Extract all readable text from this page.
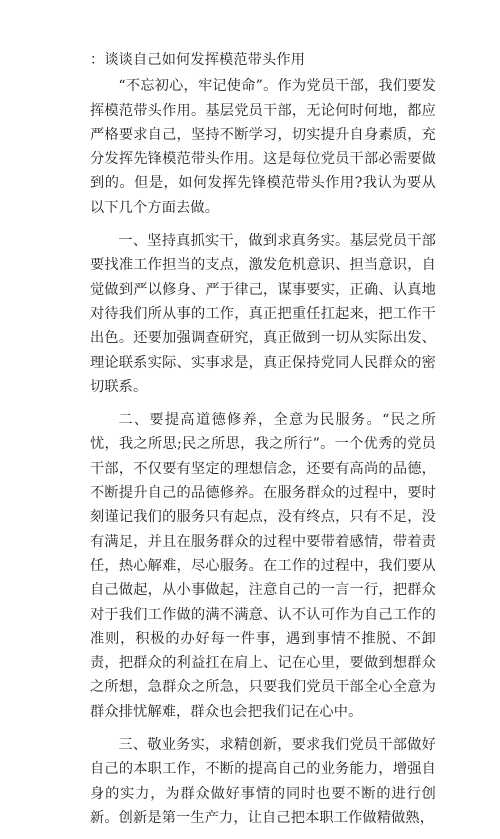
：谈谈自己如何发挥模范带头作用

“不忘初心，牢记使命”。作为党员干部，我们要发挥模范带头作用。基层党员干部，无论何时何地，都应严格要求自己，坚持不断学习，切实提升自身素质，充分发挥先锋模范带头作用。这是每位党员干部必需要做到的。但是，如何发挥先锋模范带头作用?我认为要从以下几个方面去做。

一、坚持真抓实干，做到求真务实。基层党员干部要找准工作担当的支点，激发危机意识、担当意识，自觉做到严以修身、严于律己，谋事要实，正确、认真地对待我们所从事的工作，真正把重任扛起来，把工作干出色。还要加强调查研究，真正做到一切从实际出发、理论联系实际、实事求是，真正保持党同人民群众的密切联系。

二、要提高道德修养，全意为民服务。“民之所忧，我之所思;民之所思，我之所行”。一个优秀的党员干部，不仅要有坚定的理想信念，还要有高尚的品德，不断提升自己的品德修养。在服务群众的过程中，要时刻谨记我们的服务只有起点，没有终点，只有不足，没有满足，并且在服务群众的过程中要带着感情，带着责任，热心解难，尽心服务。在工作的过程中，我们要从自己做起，从小事做起，注意自己的一言一行，把群众对于我们工作做的满不满意、认不认可作为自己工作的准则，积极的办好每一件事，遇到事情不推脱、不卸责，把群众的利益扛在肩上、记在心里，要做到想群众之所想，急群众之所急，只要我们党员干部全心全意为群众排忧解难，群众也会把我们记在心中。

三、敬业务实，求精创新，要求我们党员干部做好自己的本职工作，不断的提高自己的业务能力，增强自身的实力，为群众做好事情的同时也要不断的进行创新。创新是第一生产力，让自己把本职工作做精做熟，
